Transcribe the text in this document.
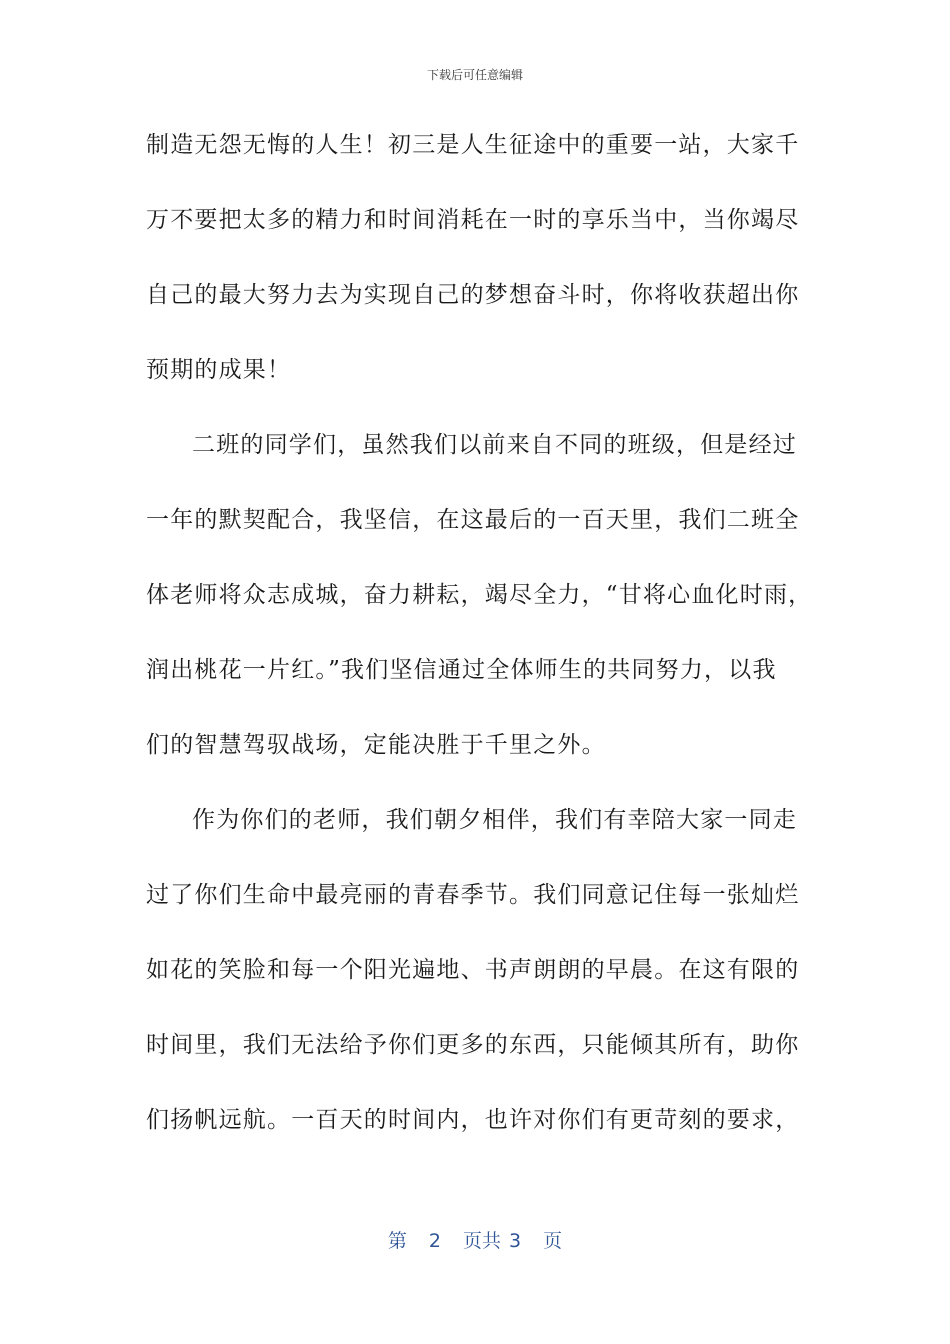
下载后可任意编辑
制造无怨无悔的人生！初三是人生征途中的重要一站，大家千
万不要把太多的精力和时间消耗在一时的享乐当中，当你竭尽
自己的最大努力去为实现自己的梦想奋斗时，你将收获超出你
预期的成果！
二班的同学们，虽然我们以前来自不同的班级，但是经过
一年的默契配合，我坚信，在这最后的一百天里，我们二班全
体老师将众志成城，奋力耕耘，竭尽全力，“甘将心血化时雨，
润出桃花一片红。”我们坚信通过全体师生的共同努力，以我
们的智慧驾驭战场，定能决胜于千里之外。
作为你们的老师，我们朝夕相伴，我们有幸陪大家一同走
过了你们生命中最亮丽的青春季节。我们同意记住每一张灿烂
如花的笑脸和每一个阳光遍地、书声朗朗的早晨。在这有限的
时间里，我们无法给予你们更多的东西，只能倾其所有，助你
们扬帆远航。一百天的时间内，也许对你们有更苛刻的要求，
第 2 页共 3 页
